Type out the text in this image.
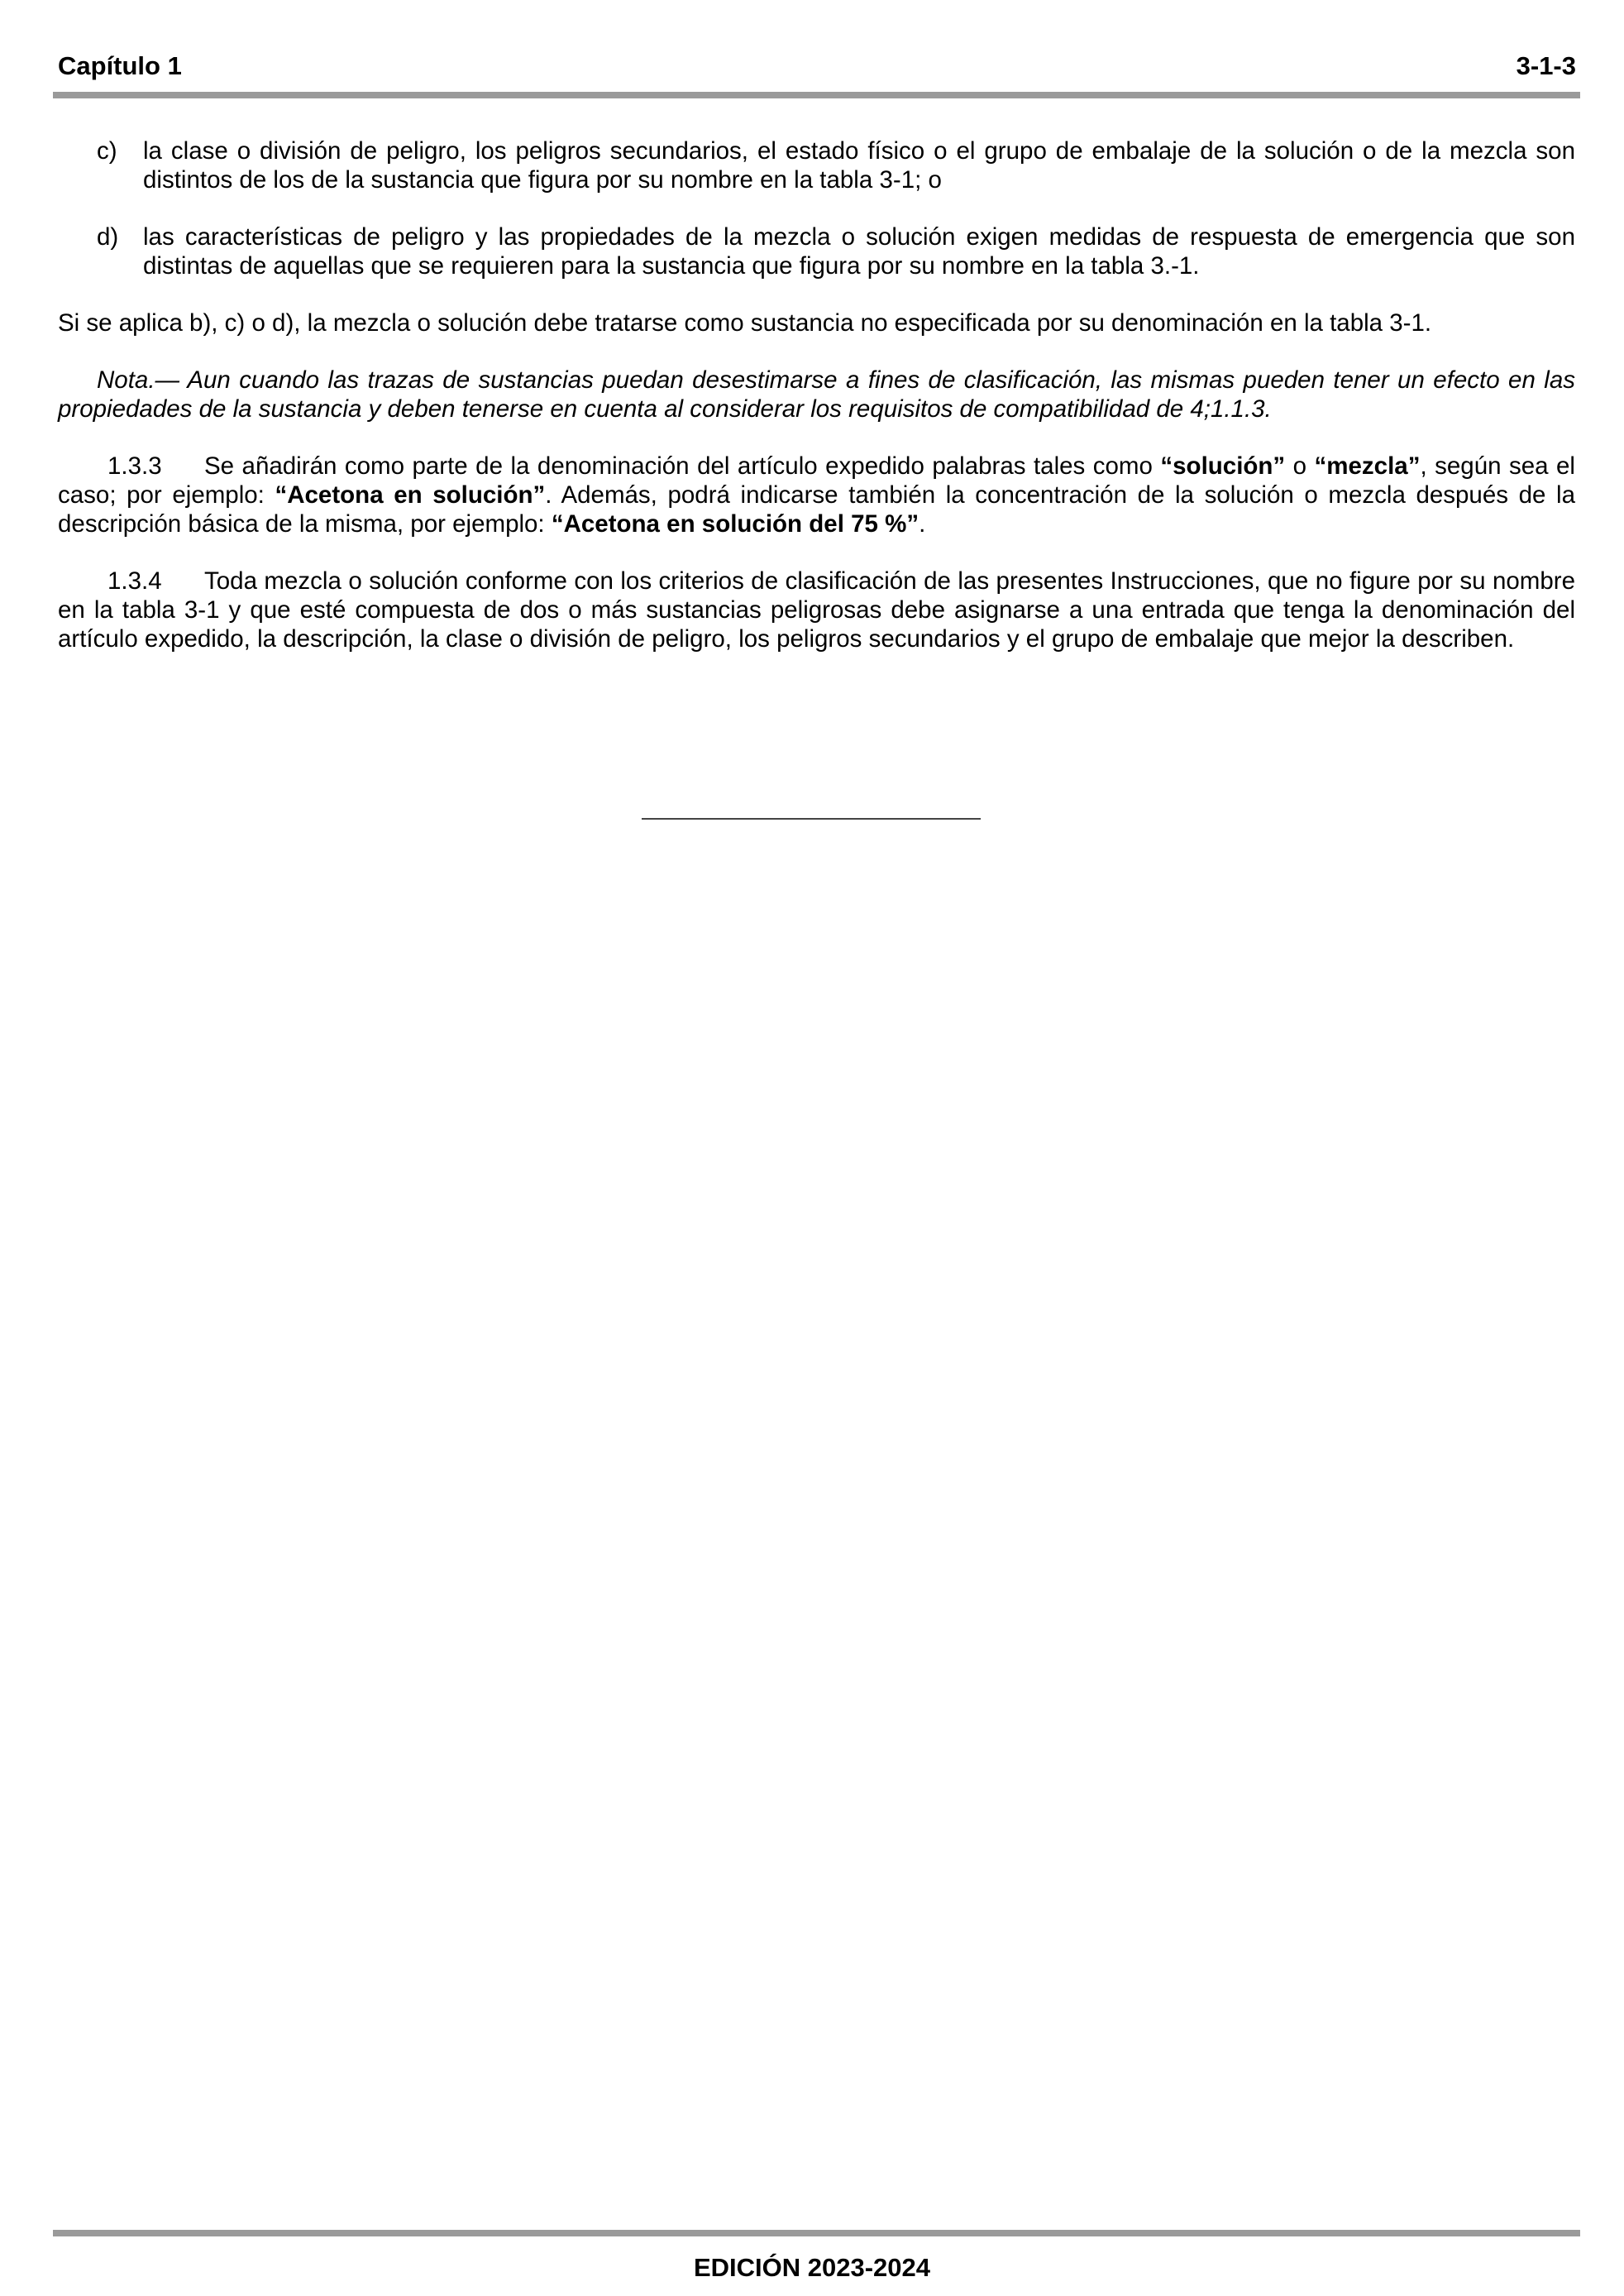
Capítulo 1	3-1-3
c) la clase o división de peligro, los peligros secundarios, el estado físico o el grupo de embalaje de la solución o de la mezcla son distintos de los de la sustancia que figura por su nombre en la tabla 3-1; o
d) las características de peligro y las propiedades de la mezcla o solución exigen medidas de respuesta de emergencia que son distintas de aquellas que se requieren para la sustancia que figura por su nombre en la tabla 3.-1.

Si se aplica b), c) o d), la mezcla o solución debe tratarse como sustancia no especificada por su denominación en la tabla 3-1.

Nota.— Aun cuando las trazas de sustancias puedan desestimarse a fines de clasificación, las mismas pueden tener un efecto en las propiedades de la sustancia y deben tenerse en cuenta al considerar los requisitos de compatibilidad de 4;1.1.3.

1.3.3 Se añadirán como parte de la denominación del artículo expedido palabras tales como “solución” o “mezcla”, según sea el caso; por ejemplo: “Acetona en solución”. Además, podrá indicarse también la concentración de la solución o mezcla después de la descripción básica de la misma, por ejemplo: “Acetona en solución del 75 %”.

1.3.4 Toda mezcla o solución conforme con los criterios de clasificación de las presentes Instrucciones, que no figure por su nombre en la tabla 3-1 y que esté compuesta de dos o más sustancias peligrosas debe asignarse a una entrada que tenga la denominación del artículo expedido, la descripción, la clase o división de peligro, los peligros secundarios y el grupo de embalaje que mejor la describen.

EDICIÓN 2023-2024
